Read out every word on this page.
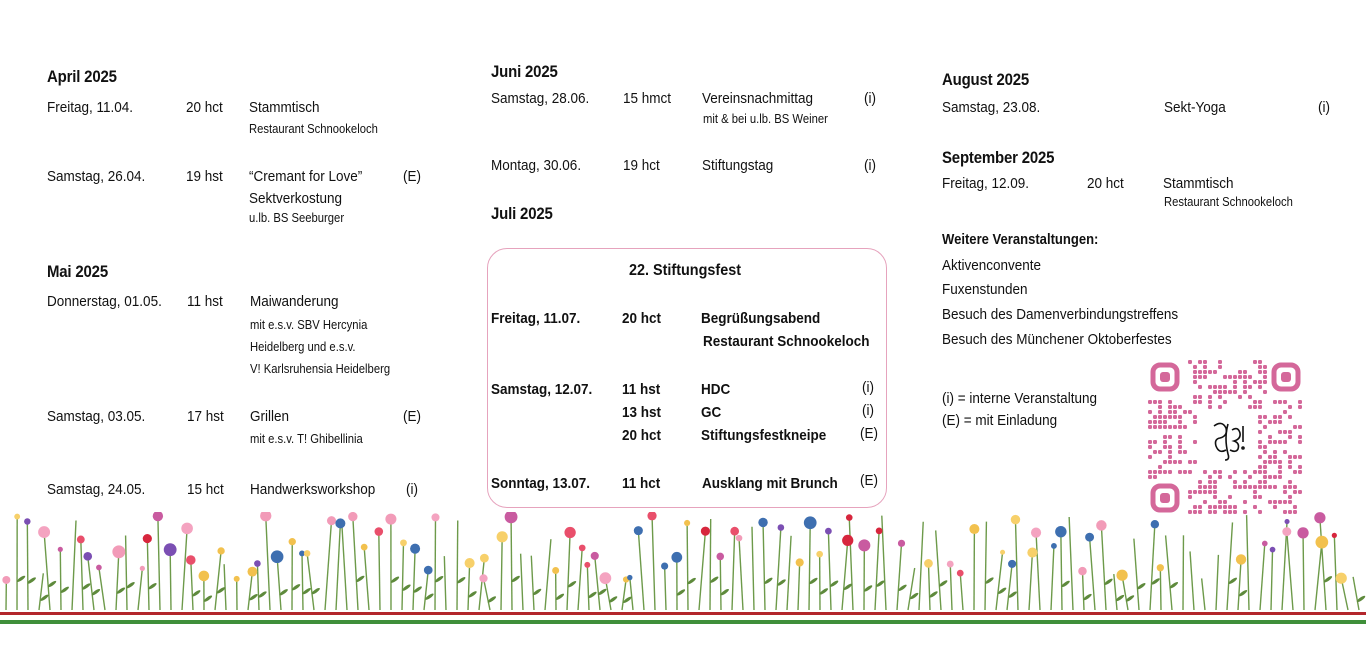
April 2025
Freitag, 11.04.	20 hct Stammtisch
Restaurant Schnookeloch
Samstag, 26.04.	19 hst “Cremant for Love”	(E)
Sektverkostung
u.lb. BS Seeburger
Mai 2025
Donnerstag, 01.05. 11 hst Maiwanderung
mit e.s.v. SBV Hercynia
Heidelberg und e.s.v.
V! Karlsruhensia Heidelberg
Samstag, 03.05.	17 hst Grillen	(E)
mit e.s.v. T! Ghibellinia
Samstag, 24.05.	15 hct Handwerksworkshop (i)
Juni 2025
Samstag, 28.06. 15 hmct Vereinsnachmittag	(i)
mit & bei u.lb. BS Weiner
Montag, 30.06.	19 hct	Stiftungstag	(i)
Juli 2025
22. Stiftungsfest
Freitag, 11.07.	20 hct	Begrüßungsabend
Restaurant Schnookeloch
Samstag, 12.07. 11 hst	HDC	(i)
13 hst	GC	(i)
20 hct	Stiftungsfestkneipe (E)
Sonntag, 13.07. 11 hct	Ausklang mit Brunch (E)
August 2025
Samstag, 23.08.	Sekt-Yoga	(i)
September 2025
Freitag, 12.09.	20 hct	Stammtisch
Restaurant Schnookeloch
Weitere Veranstaltungen:
Aktivenconvente
Fuxenstunden
Besuch des Damenverbindungstreffens
Besuch des Münchener Oktoberfestes
(i) = interne Veranstaltung
(E) = mit Einladung
